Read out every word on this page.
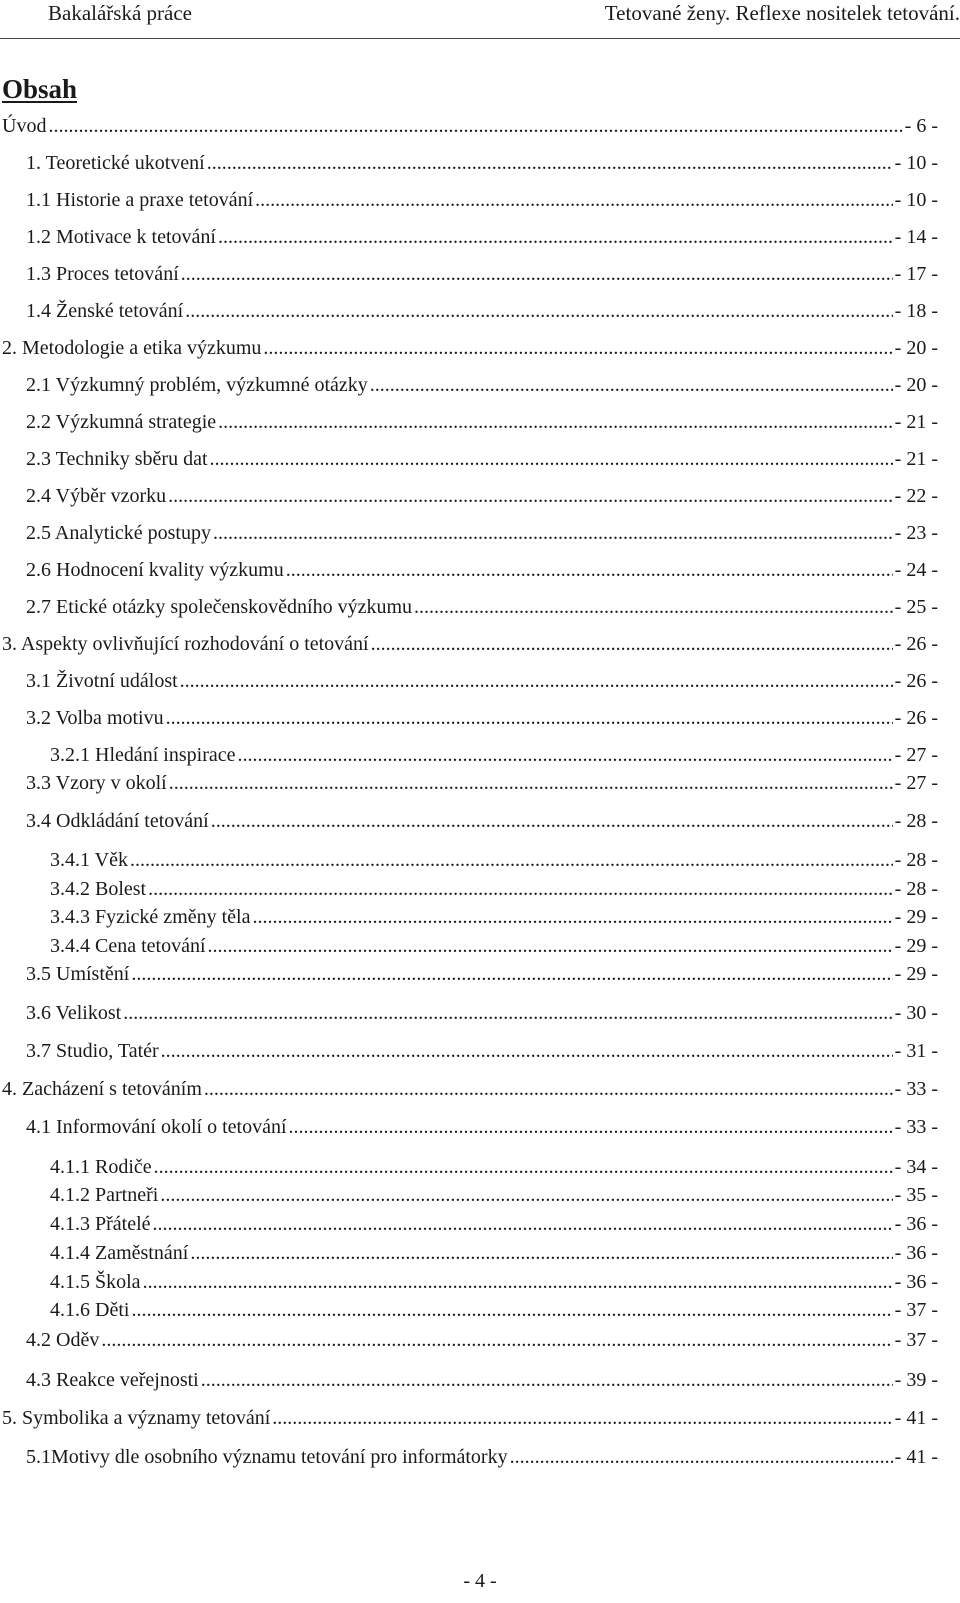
Bakalářská práce	Tetované ženy. Reflexe nositelek tetování.
Obsah
Úvod .....	- 6 -
1. Teoretické ukotvení .....	- 10 -
1.1 Historie a praxe tetování .....	- 10 -
1.2 Motivace k tetování .....	- 14 -
1.3 Proces tetování .....	- 17 -
1.4 Ženské tetování .....	- 18 -
2. Metodologie a etika výzkumu .....	- 20 -
2.1 Výzkumný problém, výzkumné otázky .....	- 20 -
2.2 Výzkumná strategie .....	- 21 -
2.3 Techniky sběru dat .....	- 21 -
2.4 Výběr vzorku .....	- 22 -
2.5 Analytické postupy .....	- 23 -
2.6 Hodnocení kvality výzkumu .....	- 24 -
2.7 Etické otázky společenskovědního výzkumu .....	- 25 -
3. Aspekty ovlivňující rozhodování o tetování .....	- 26 -
3.1 Životní událost .....	- 26 -
3.2 Volba motivu .....	- 26 -
3.2.1 Hledání inspirace .....	- 27 -
3.3 Vzory v okolí .....	- 27 -
3.4 Odkládání tetování .....	- 28 -
3.4.1 Věk .....	- 28 -
3.4.2 Bolest .....	- 28 -
3.4.3 Fyzické změny těla .....	- 29 -
3.4.4 Cena tetování .....	- 29 -
3.5 Umístění .....	- 29 -
3.6 Velikost .....	- 30 -
3.7 Studio, Tatér .....	- 31 -
4. Zacházení s tetováním .....	- 33 -
4.1 Informování okolí o tetování .....	- 33 -
4.1.1 Rodiče .....	- 34 -
4.1.2 Partneři .....	- 35 -
4.1.3 Přátelé .....	- 36 -
4.1.4 Zaměstnání .....	- 36 -
4.1.5 Škola .....	- 36 -
4.1.6 Děti .....	- 37 -
4.2 Oděv .....	- 37 -
4.3 Reakce veřejnosti .....	- 39 -
5. Symbolika a významy tetování .....	- 41 -
5.1Motivy dle osobního významu tetování pro informátorky .....	- 41 -
- 4 -
